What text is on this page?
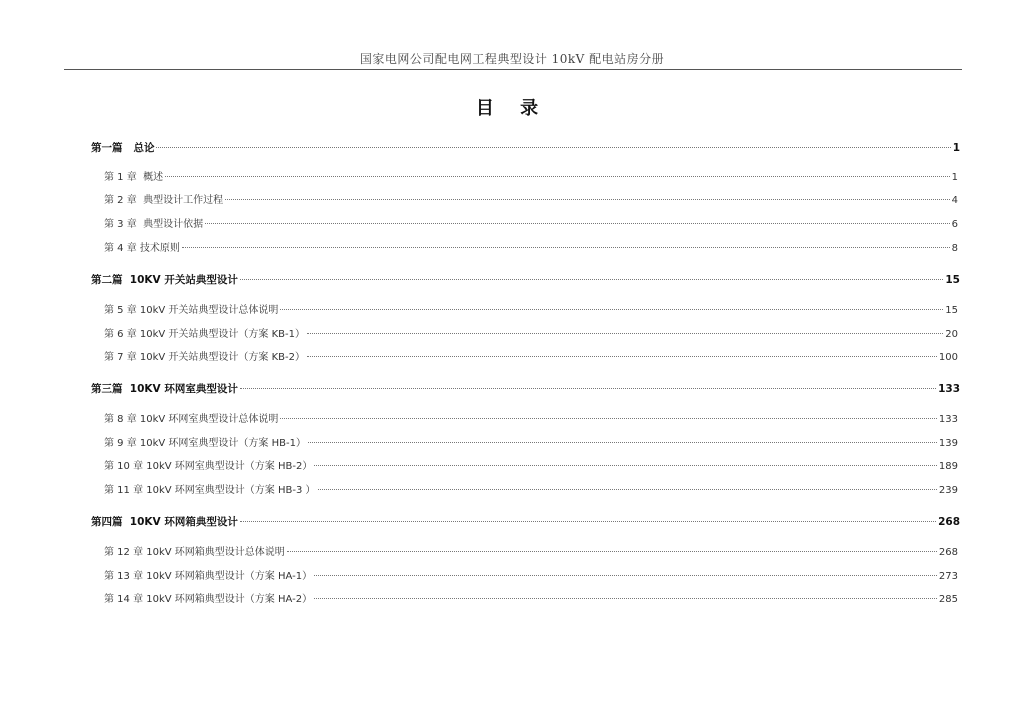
国家电网公司配电网工程典型设计 10kV 配电站房分册
目 录
第一篇   总论	1
第 1 章  概述	1
第 2 章  典型设计工作过程	4
第 3 章  典型设计依据	6
第 4 章 技术原则	8
第二篇  10KV 开关站典型设计	15
第 5 章 10kV 开关站典型设计总体说明	15
第 6 章 10kV 开关站典型设计（方案 KB-1）	20
第 7 章 10kV 开关站典型设计（方案 KB-2）	100
第三篇  10KV 环网室典型设计	133
第 8 章 10kV 环网室典型设计总体说明	133
第 9 章 10kV 环网室典型设计（方案 HB-1）	139
第 10 章 10kV 环网室典型设计（方案 HB-2）	189
第 11 章 10kV 环网室典型设计（方案 HB-3 ）	239
第四篇  10KV 环网箱典型设计	268
第 12 章 10kV 环网箱典型设计总体说明	268
第 13 章 10kV 环网箱典型设计（方案 HA-1）	273
第 14 章 10kV 环网箱典型设计（方案 HA-2）	285
